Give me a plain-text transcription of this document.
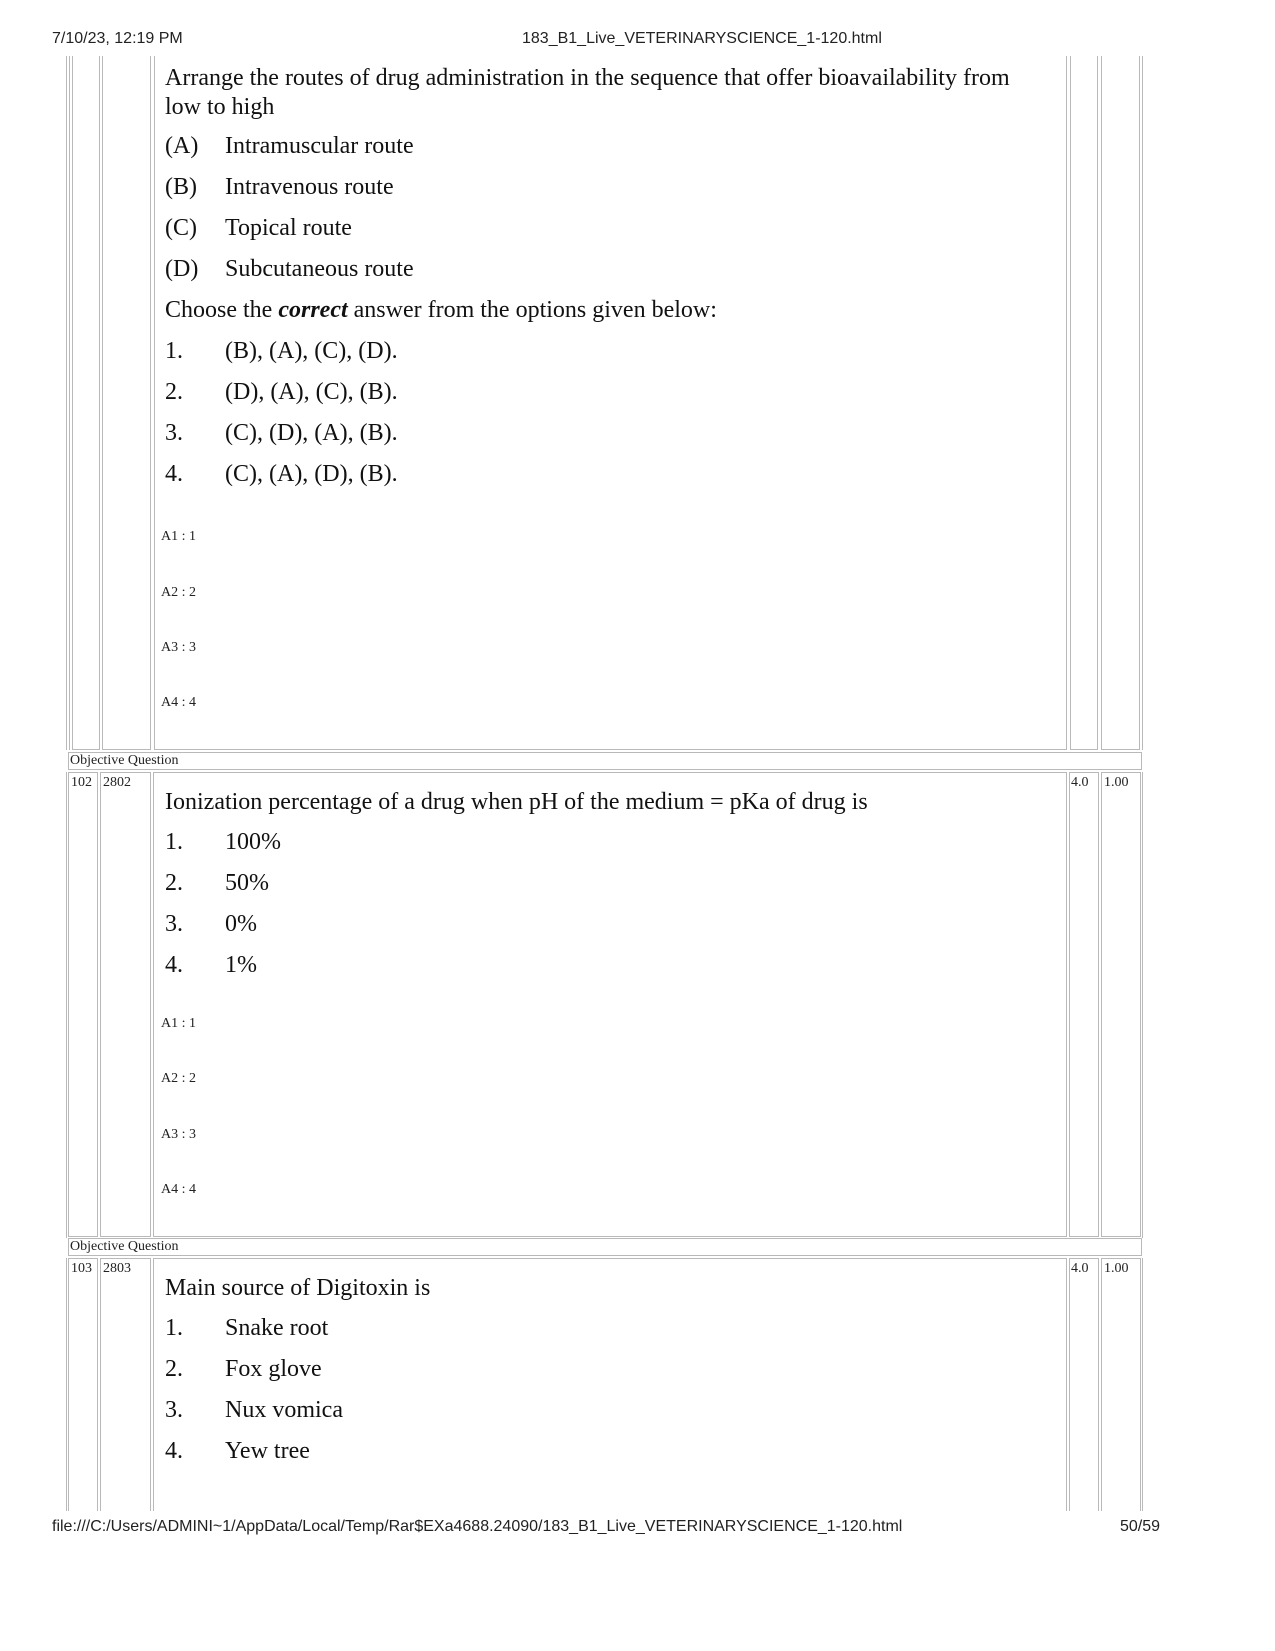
7/10/23, 12:19 PM	183_B1_Live_VETERINARYSCIENCE_1-120.html
Arrange the routes of drug administration in the sequence that offer bioavailability from
low to high
(A) Intramuscular route
(B) Intravenous route
(C) Topical route
(D) Subcutaneous route
Choose the correct answer from the options given below:
1. (B), (A), (C), (D).
2. (D), (A), (C), (B).
3. (C), (D), (A), (B).
4. (C), (A), (D), (B).
A1 : 1
A2 : 2
A3 : 3
A4 : 4
Objective Question
102 2802	4.0 1.00
Ionization percentage of a drug when pH of the medium = pKa of drug is
1. 100%
2. 50%
3. 0%
4. 1%
A1 : 1
A2 : 2
A3 : 3
A4 : 4
Objective Question
103 2803	4.0 1.00
Main source of Digitoxin is
1. Snake root
2. Fox glove
3. Nux vomica
4. Yew tree
file:///C:/Users/ADMINI~1/AppData/Local/Temp/Rar$EXa4688.24090/183_B1_Live_VETERINARYSCIENCE_1-120.html	50/59
